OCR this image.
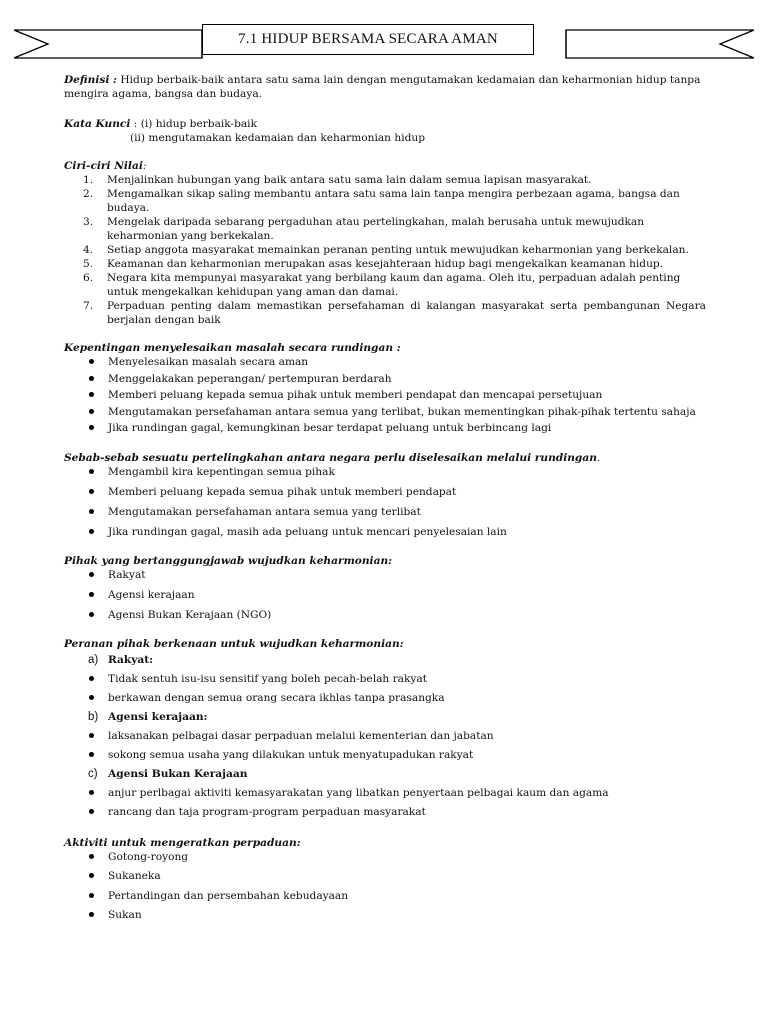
7.1 HIDUP BERSAMA SECARA AMAN

Definisi : Hidup berbaik-baik antara satu sama lain dengan mengutamakan kedamaian dan keharmonian hidup tanpa mengira agama, bangsa dan budaya.

Kata Kunci : (i) hidup berbaik-baik

(ii) mengutamakan kedamaian dan keharmonian hidup

Ciri-ciri Nilai:

1. Menjalinkan hubungan yang baik antara satu sama lain dalam semua lapisan masyarakat.
2. Mengamalkan sikap saling membantu antara satu sama lain tanpa mengira perbezaan agama, bangsa dan budaya.
3. Mengelak daripada sebarang pergaduhan atau pertelingkahan, malah berusaha untuk mewujudkan keharmonian yang berkekalan.
4. Setiap anggota masyarakat memainkan peranan penting untuk mewujudkan keharmonian yang berkekalan.
5. Keamanan dan keharmonian merupakan asas kesejahteraan hidup bagi mengekalkan keamanan hidup.
6. Negara kita mempunyai masyarakat yang berbilang kaum dan agama. Oleh itu, perpaduan adalah penting untuk mengekalkan kehidupan yang aman dan damai.
7. Perpaduan penting dalam memastikan persefahaman di kalangan masyarakat serta pembangunan Negara berjalan dengan baik

Kepentingan menyelesaikan masalah secara rundingan :

Menyelesaikan masalah secara aman
Menggelakakan peperangan/ pertempuran berdarah
Memberi peluang kepada semua pihak untuk memberi pendapat dan mencapai persetujuan
Mengutamakan persefahaman antara semua yang terlibat, bukan mementingkan pihak-pihak tertentu sahaja
Jika rundingan gagal, kemungkinan besar terdapat peluang untuk berbincang lagi

Sebab-sebab sesuatu pertelingkahan antara negara perlu diselesaikan melalui rundingan.

Mengambil kira kepentingan semua pihak
Memberi peluang kepada semua pihak untuk memberi pendapat
Mengutamakan persefahaman antara semua yang terlibat
Jika rundingan gagal, masih ada peluang untuk mencari penyelesaian lain

Pihak yang bertanggungjawab wujudkan keharmonian:

Rakyat
Agensi kerajaan
Agensi Bukan Kerajaan (NGO)

Peranan pihak berkenaan untuk wujudkan keharmonian:

a) Rakyat:
Tidak sentuh isu-isu sensitif yang boleh pecah-belah rakyat
berkawan dengan semua orang secara ikhlas tanpa prasangka
b) Agensi kerajaan:
laksanakan pelbagai dasar perpaduan melalui kementerian dan jabatan
sokong semua usaha yang dilakukan untuk menyatupadukan rakyat
c) Agensi Bukan Kerajaan
anjur perlbagai aktiviti kemasyarakatan yang libatkan penyertaan pelbagai kaum dan agama
rancang dan taja program-program perpaduan masyarakat

Aktiviti untuk mengeratkan perpaduan:

Gotong-royong
Sukaneka
Pertandingan dan persembahan kebudayaan
Sukan
